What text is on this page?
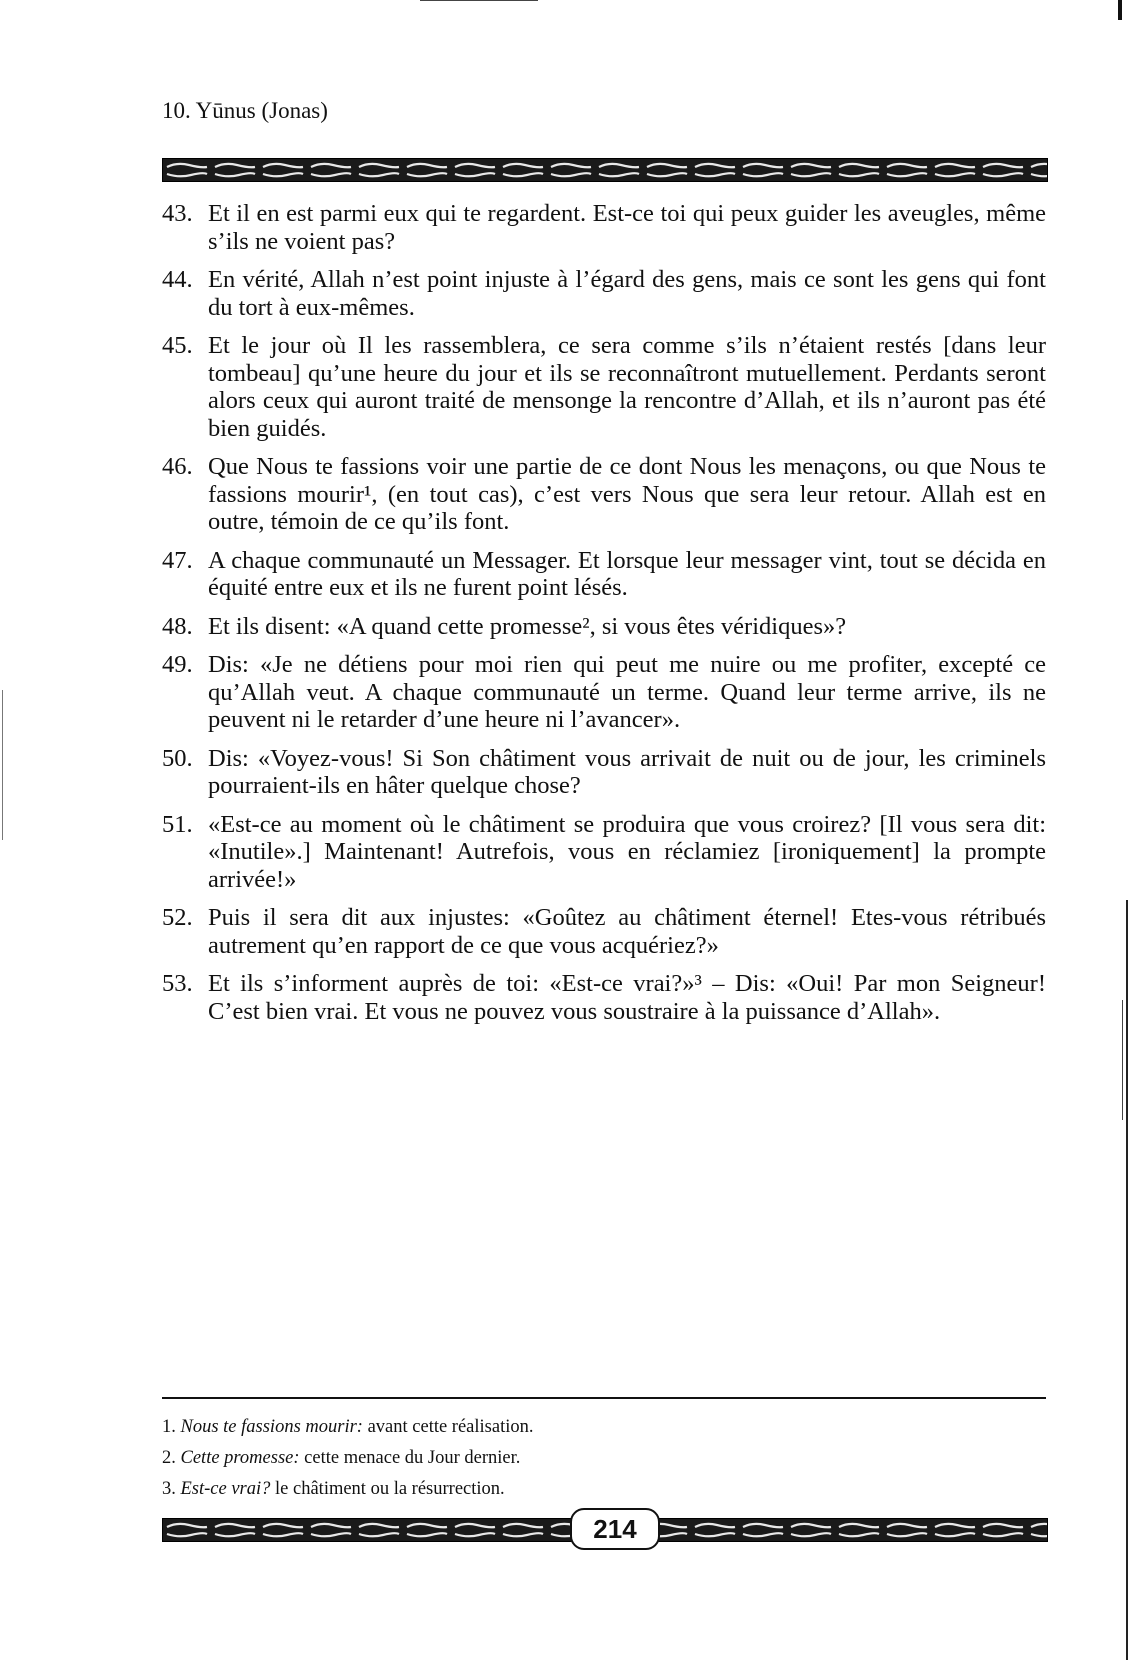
10. Yūnus (Jonas)
43. Et il en est parmi eux qui te regardent. Est-ce toi qui peux guider les aveugles, même s’ils ne voient pas?
44. En vérité, Allah n’est point injuste à l’égard des gens, mais ce sont les gens qui font du tort à eux-mêmes.
45. Et le jour où Il les rassemblera, ce sera comme s’ils n’étaient restés [dans leur tombeau] qu’une heure du jour et ils se reconnaîtront mutuellement. Perdants seront alors ceux qui auront traité de mensonge la rencontre d’Allah, et ils n’auront pas été bien guidés.
46. Que Nous te fassions voir une partie de ce dont Nous les menaçons, ou que Nous te fassions mourir¹, (en tout cas), c’est vers Nous que sera leur retour. Allah est en outre, témoin de ce qu’ils font.
47. A chaque communauté un Messager. Et lorsque leur messager vint, tout se décida en équité entre eux et ils ne furent point lésés.
48. Et ils disent: «A quand cette promesse², si vous êtes véridiques»?
49. Dis: «Je ne détiens pour moi rien qui peut me nuire ou me profiter, excepté ce qu’Allah veut. A chaque communauté un terme. Quand leur terme arrive, ils ne peuvent ni le retarder d’une heure ni l’avancer».
50. Dis: «Voyez-vous! Si Son châtiment vous arrivait de nuit ou de jour, les criminels pourraient-ils en hâter quelque chose?
51. «Est-ce au moment où le châtiment se produira que vous croirez? [Il vous sera dit: «Inutile».] Maintenant! Autrefois, vous en réclamiez [ironiquement] la prompte arrivée!»
52. Puis il sera dit aux injustes: «Goûtez au châtiment éternel! Etes-vous rétribués autrement qu’en rapport de ce que vous acquériez?»
53. Et ils s’informent auprès de toi: «Est-ce vrai?»³ – Dis: «Oui! Par mon Seigneur! C’est bien vrai. Et vous ne pouvez vous soustraire à la puissance d’Allah».
1. Nous te fassions mourir: avant cette réalisation.
2. Cette promesse: cette menace du Jour dernier.
3. Est-ce vrai? le châtiment ou la résurrection.
214
